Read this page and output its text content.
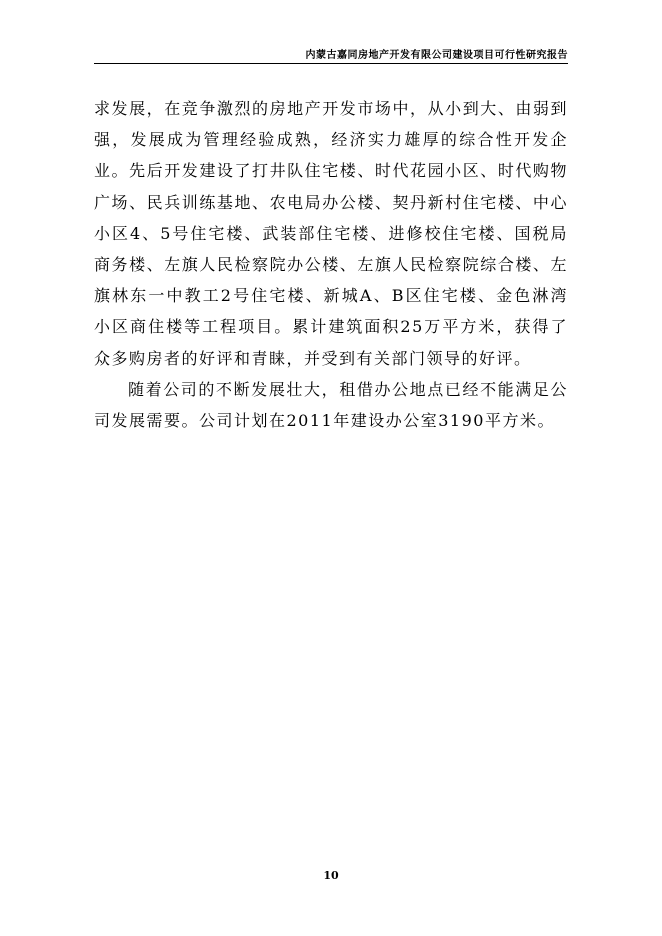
内蒙古嘉同房地产开发有限公司建设项目可行性研究报告

求发展，在竞争激烈的房地产开发市场中，从小到大、由弱到强，发展成为管理经验成熟，经济实力雄厚的综合性开发企业。先后开发建设了打井队住宅楼、时代花园小区、时代购物广场、民兵训练基地、农电局办公楼、契丹新村住宅楼、中心小区4、5号住宅楼、武装部住宅楼、进修校住宅楼、国税局商务楼、左旗人民检察院办公楼、左旗人民检察院综合楼、左旗林东一中教工2号住宅楼、新城A、B区住宅楼、金色淋湾小区商住楼等工程项目。累计建筑面积25万平方米，获得了众多购房者的好评和青睐，并受到有关部门领导的好评。

随着公司的不断发展壮大，租借办公地点已经不能满足公司发展需要。公司计划在2011年建设办公室3190平方米。

10
